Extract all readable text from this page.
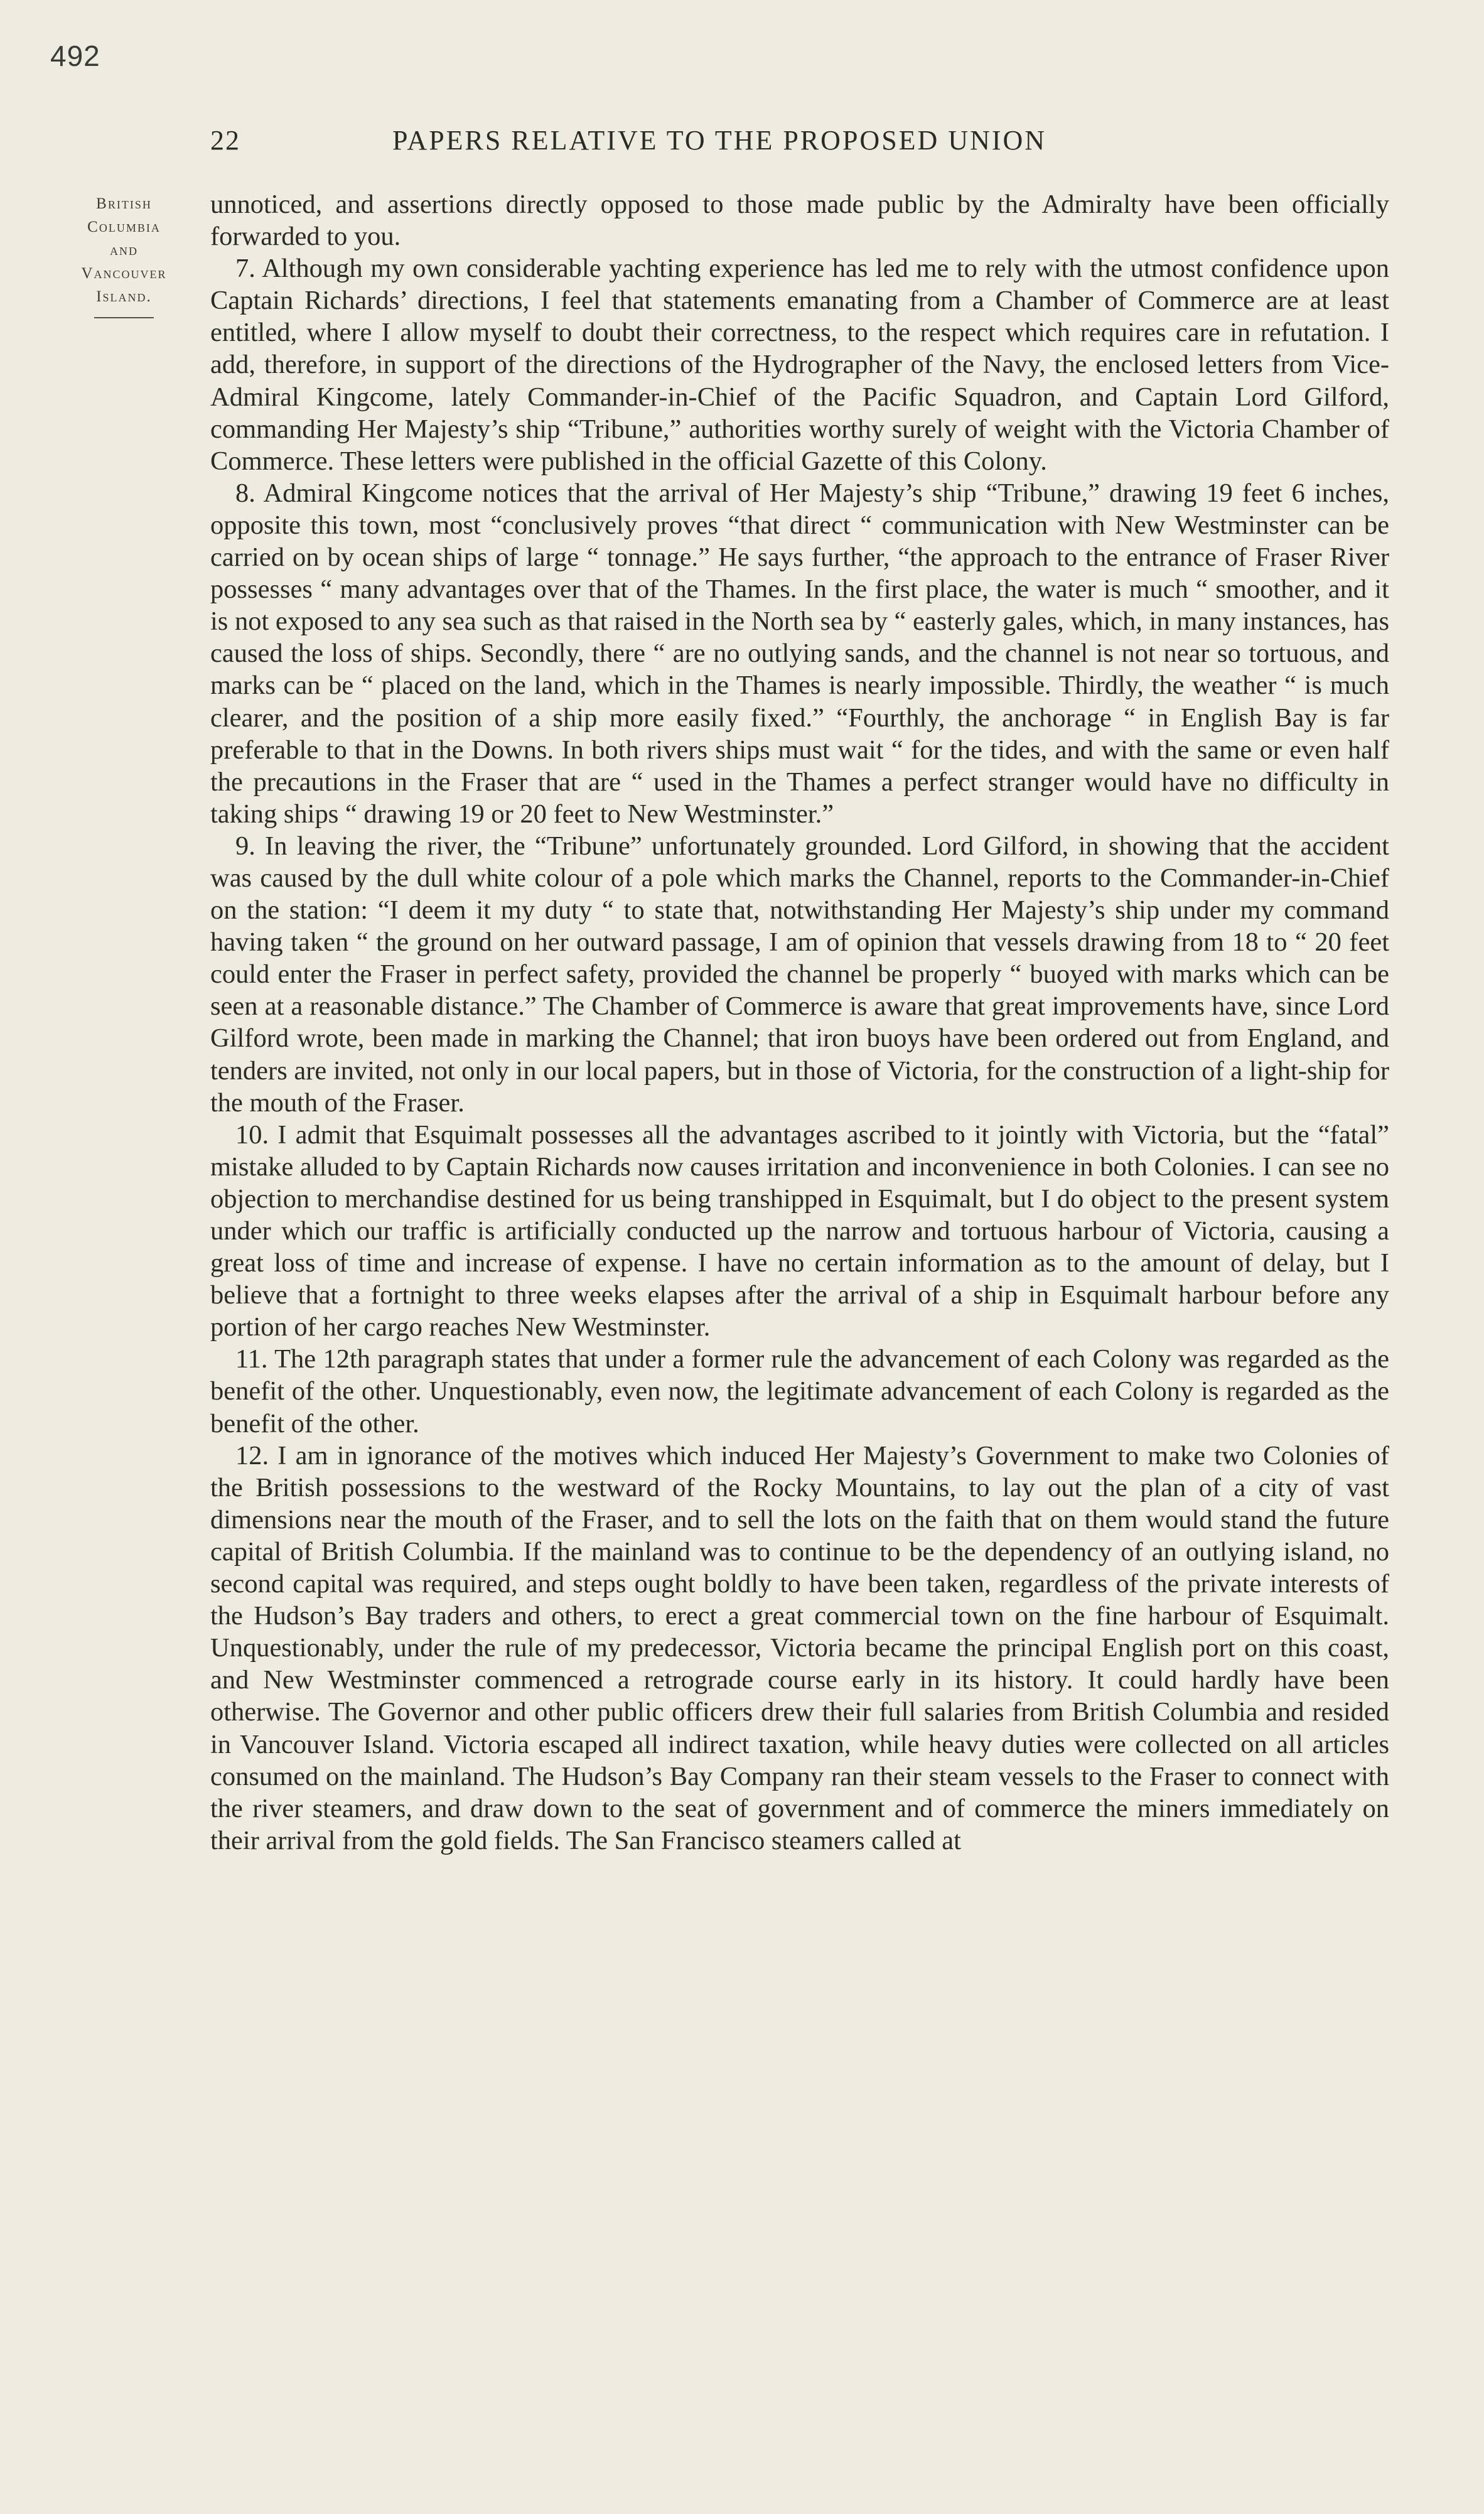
492
22	PAPERS RELATIVE TO THE PROPOSED UNION
British
Columbia
and
Vancouver
Island.

unnoticed, and assertions directly opposed to those made public by the Admiralty have been officially forwarded to you.

7. Although my own considerable yachting experience has led me to rely with the utmost confidence upon Captain Richards’ directions, I feel that statements emanating from a Chamber of Commerce are at least entitled, where I allow myself to doubt their correctness, to the respect which requires care in refutation. I add, therefore, in support of the directions of the Hydrographer of the Navy, the enclosed letters from Vice-Admiral Kingcome, lately Commander-in-Chief of the Pacific Squadron, and Captain Lord Gilford, commanding Her Majesty’s ship “Tribune,” authorities worthy surely of weight with the Victoria Chamber of Commerce. These letters were published in the official Gazette of this Colony.

8. Admiral Kingcome notices that the arrival of Her Majesty’s ship “Tribune,” drawing 19 feet 6 inches, opposite this town, most “conclusively proves “that direct “ communication with New Westminster can be carried on by ocean ships of large “ tonnage.” He says further, “the approach to the entrance of Fraser River possesses “ many advantages over that of the Thames. In the first place, the water is much “ smoother, and it is not exposed to any sea such as that raised in the North sea by “ easterly gales, which, in many instances, has caused the loss of ships. Secondly, there “ are no outlying sands, and the channel is not near so tortuous, and marks can be “ placed on the land, which in the Thames is nearly impossible. Thirdly, the weather “ is much clearer, and the position of a ship more easily fixed.” “Fourthly, the anchorage “ in English Bay is far preferable to that in the Downs. In both rivers ships must wait “ for the tides, and with the same or even half the precautions in the Fraser that are “ used in the Thames a perfect stranger would have no difficulty in taking ships “ drawing 19 or 20 feet to New Westminster.”

9. In leaving the river, the “Tribune” unfortunately grounded. Lord Gilford, in showing that the accident was caused by the dull white colour of a pole which marks the Channel, reports to the Commander-in-Chief on the station: “I deem it my duty “ to state that, notwithstanding Her Majesty’s ship under my command having taken “ the ground on her outward passage, I am of opinion that vessels drawing from 18 to “ 20 feet could enter the Fraser in perfect safety, provided the channel be properly “ buoyed with marks which can be seen at a reasonable distance.” The Chamber of Commerce is aware that great improvements have, since Lord Gilford wrote, been made in marking the Channel; that iron buoys have been ordered out from England, and tenders are invited, not only in our local papers, but in those of Victoria, for the construction of a light-ship for the mouth of the Fraser.

10. I admit that Esquimalt possesses all the advantages ascribed to it jointly with Victoria, but the “fatal” mistake alluded to by Captain Richards now causes irritation and inconvenience in both Colonies. I can see no objection to merchandise destined for us being transhipped in Esquimalt, but I do object to the present system under which our traffic is artificially conducted up the narrow and tortuous harbour of Victoria, causing a great loss of time and increase of expense. I have no certain information as to the amount of delay, but I believe that a fortnight to three weeks elapses after the arrival of a ship in Esquimalt harbour before any portion of her cargo reaches New Westminster.

11. The 12th paragraph states that under a former rule the advancement of each Colony was regarded as the benefit of the other. Unquestionably, even now, the legitimate advancement of each Colony is regarded as the benefit of the other.

12. I am in ignorance of the motives which induced Her Majesty’s Government to make two Colonies of the British possessions to the westward of the Rocky Mountains, to lay out the plan of a city of vast dimensions near the mouth of the Fraser, and to sell the lots on the faith that on them would stand the future capital of British Columbia. If the mainland was to continue to be the dependency of an outlying island, no second capital was required, and steps ought boldly to have been taken, regardless of the private interests of the Hudson’s Bay traders and others, to erect a great commercial town on the fine harbour of Esquimalt. Unquestionably, under the rule of my predecessor, Victoria became the principal English port on this coast, and New Westminster commenced a retrograde course early in its history. It could hardly have been otherwise. The Governor and other public officers drew their full salaries from British Columbia and resided in Vancouver Island. Victoria escaped all indirect taxation, while heavy duties were collected on all articles consumed on the mainland. The Hudson’s Bay Company ran their steam vessels to the Fraser to connect with the river steamers, and draw down to the seat of government and of commerce the miners immediately on their arrival from the gold fields. The San Francisco steamers called at
